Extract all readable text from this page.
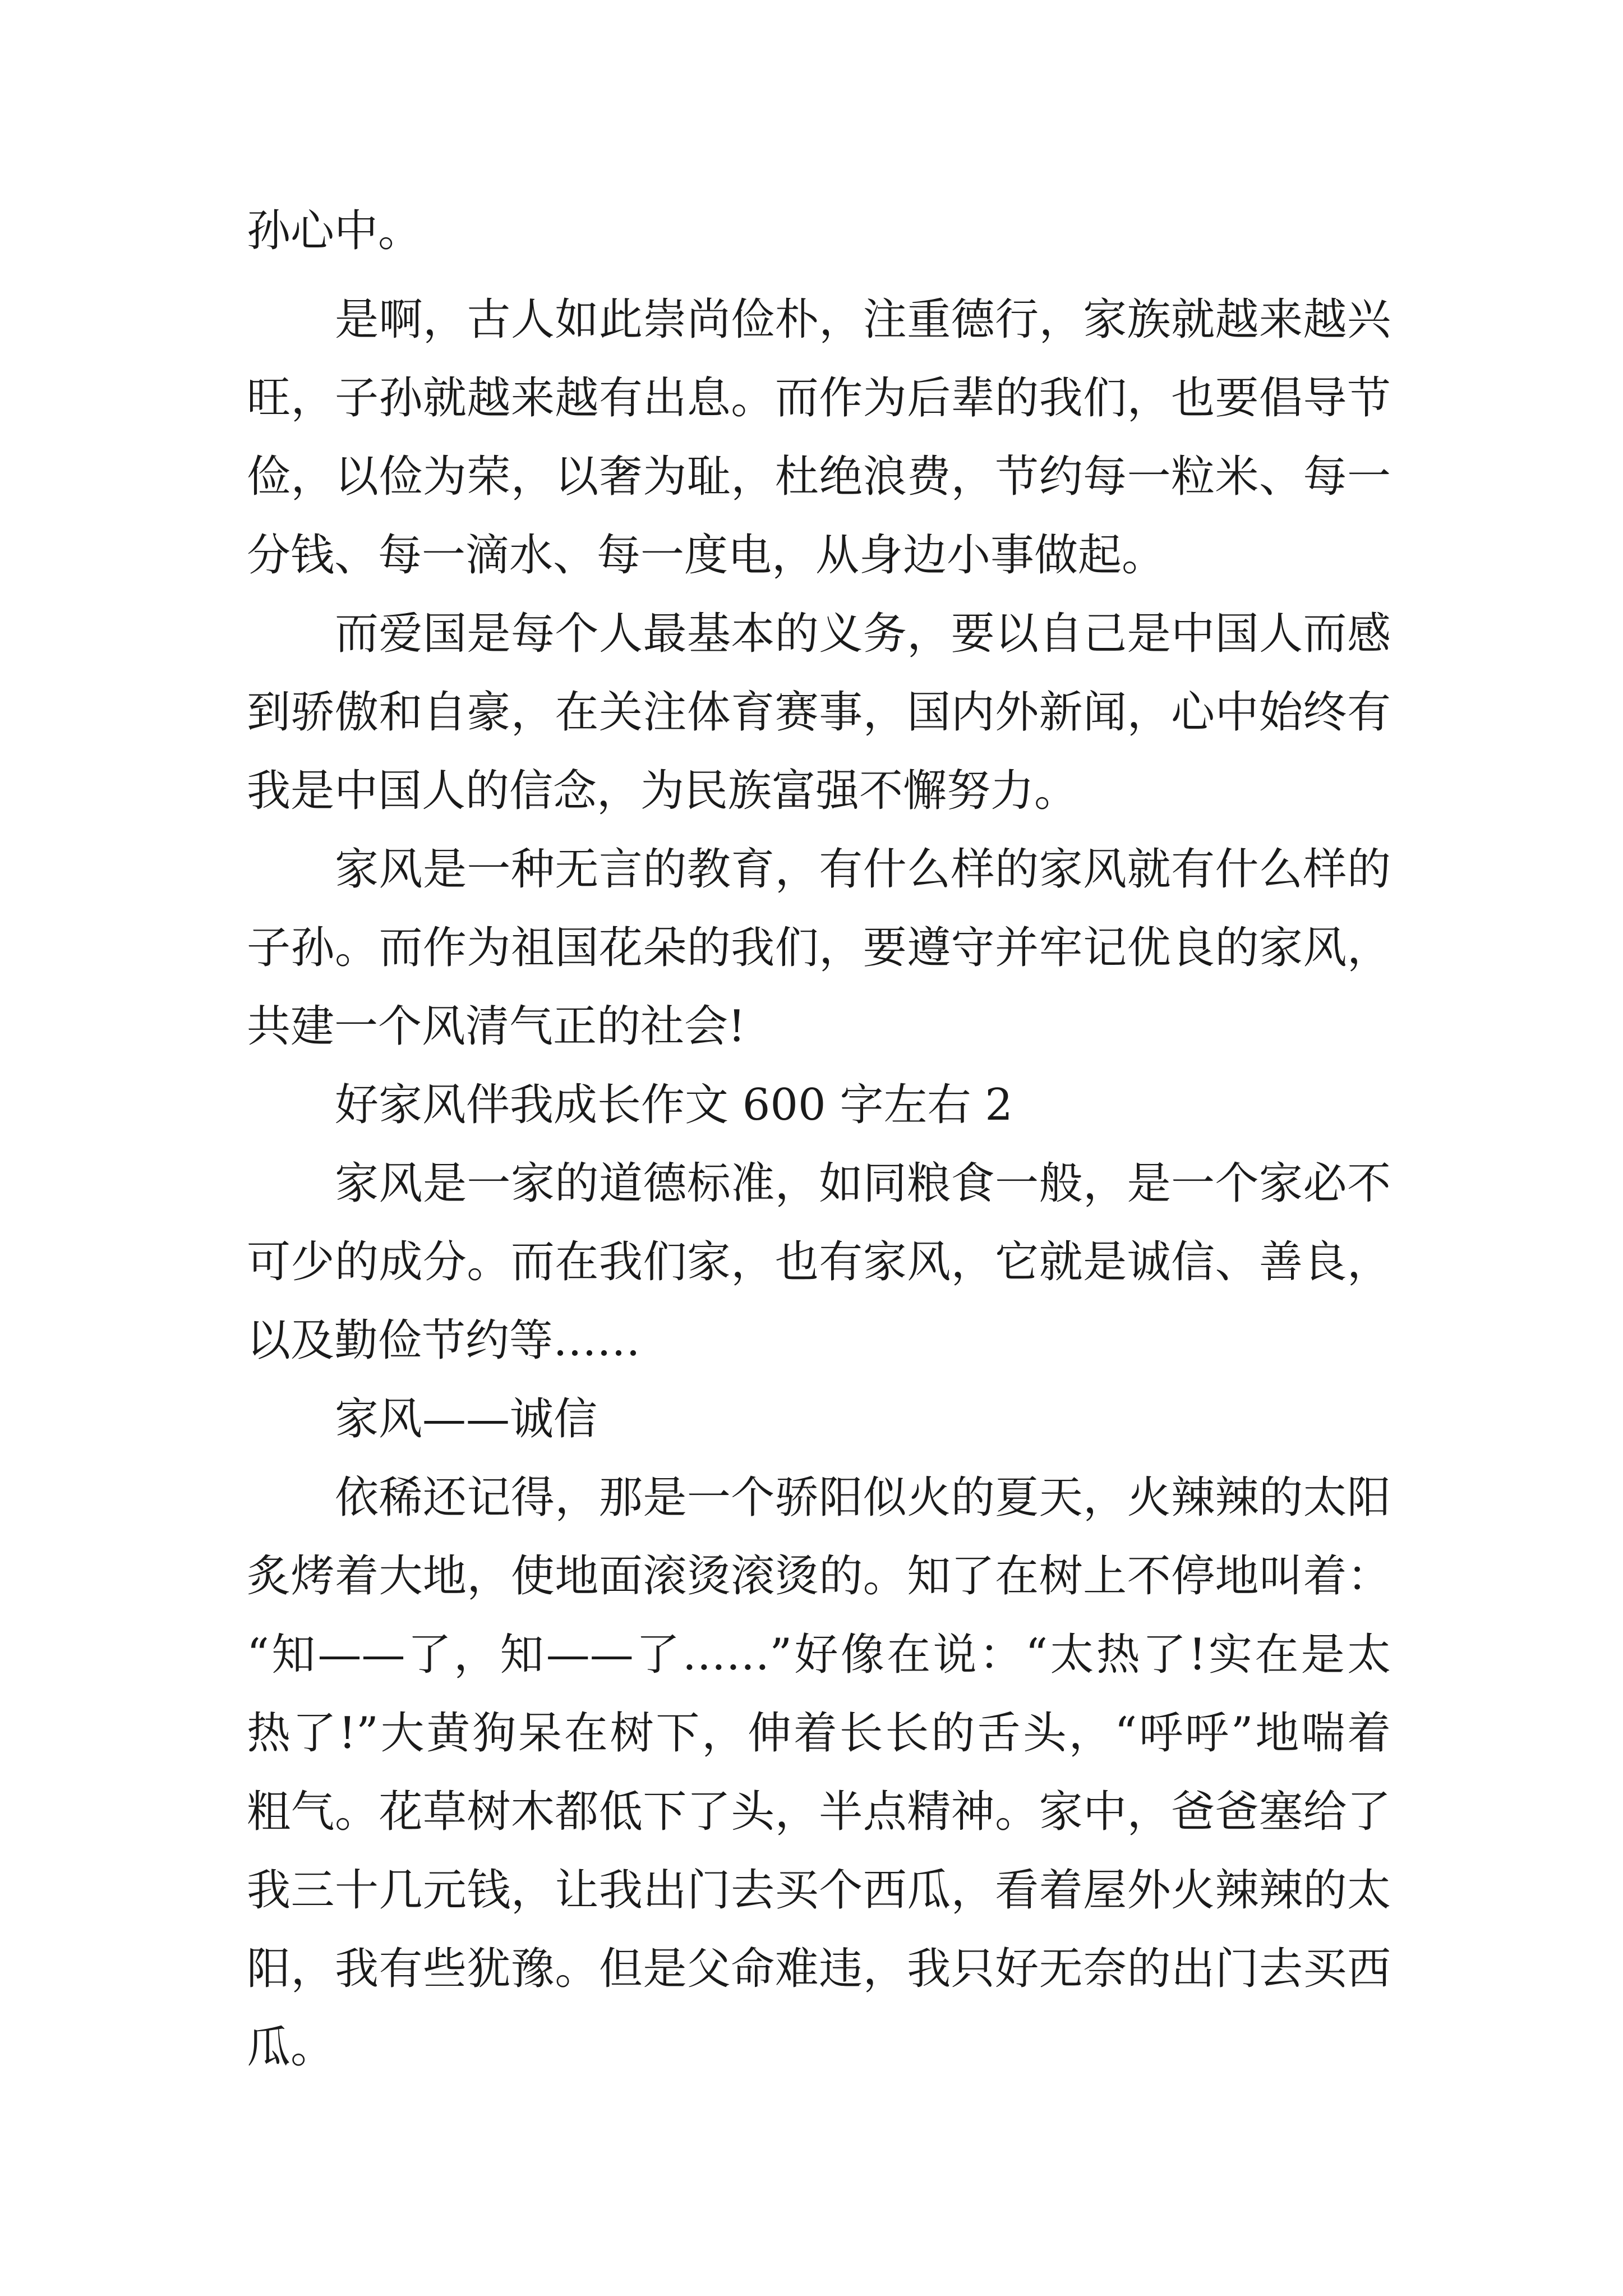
孙心中。
是啊，古人如此崇尚俭朴，注重德行，家族就越来越兴
旺，子孙就越来越有出息。而作为后辈的我们，也要倡导节
俭，以俭为荣，以奢为耻，杜绝浪费，节约每一粒米、每一
分钱、每一滴水、每一度电，从身边小事做起。
而爱国是每个人最基本的义务，要以自己是中国人而感
到骄傲和自豪，在关注体育赛事，国内外新闻，心中始终有
我是中国人的信念，为民族富强不懈努力。
家风是一种无言的教育，有什么样的家风就有什么样的
子孙。而作为祖国花朵的我们，要遵守并牢记优良的家风，
共建一个风清气正的社会!
好家风伴我成长作文 600 字左右 2
家风是一家的道德标准，如同粮食一般，是一个家必不
可少的成分。而在我们家，也有家风，它就是诚信、善良，
以及勤俭节约等……
家风——诚信
依稀还记得，那是一个骄阳似火的夏天，火辣辣的太阳
炙烤着大地，使地面滚烫滚烫的。知了在树上不停地叫着：
“知——了，知——了……”好像在说：“太热了!实在是太
热了!”大黄狗呆在树下，伸着长长的舌头，“呼呼”地喘着
粗气。花草树木都低下了头，半点精神。家中，爸爸塞给了
我三十几元钱，让我出门去买个西瓜，看着屋外火辣辣的太
阳，我有些犹豫。但是父命难违，我只好无奈的出门去买西
瓜。
